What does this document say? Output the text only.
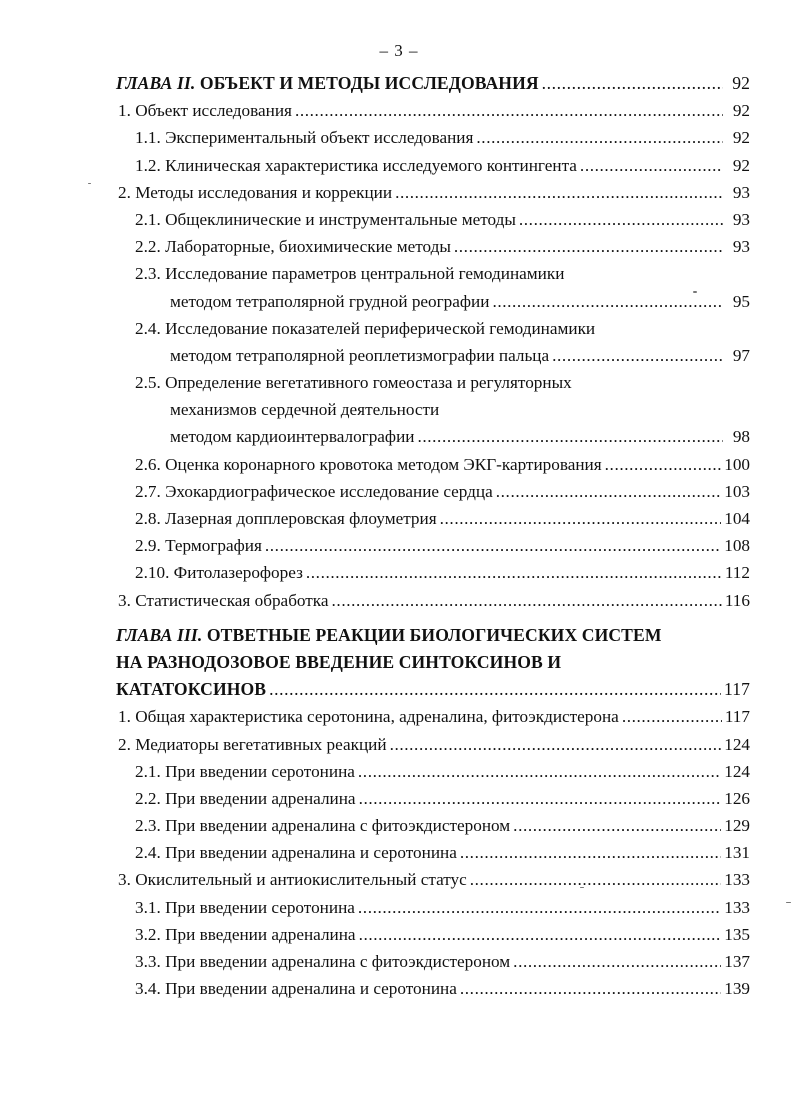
– 3 –
ГЛАВА II. ОБЪЕКТ И МЕТОДЫ ИССЛЕДОВАНИЯ .....	92
1. Объект исследования .....	92
1.1. Экспериментальный объект исследования .....	92
1.2. Клиническая характеристика исследуемого контингента .....	92
2. Методы исследования и коррекции .....	93
2.1. Общеклинические и инструментальные методы .....	93
2.2. Лабораторные, биохимические методы .....	93
2.3. Исследование параметров центральной гемодинамики
методом тетраполярной грудной реографии .....	95
2.4. Исследование показателей периферической гемодинамики
методом тетраполярной реоплетизмографии пальца .....	97
2.5. Определение вегетативного гомеостаза и регуляторных
механизмов сердечной деятельности
методом кардиоинтервалографии .....	98
2.6. Оценка коронарного кровотока методом ЭКГ-картирования .....	100
2.7. Эхокардиографическое исследование сердца .....	103
2.8. Лазерная допплеровская флоуметрия .....	104
2.9. Термография .....	108
2.10. Фитолазерофорез .....	112
3. Статистическая обработка .....	116
ГЛАВА III. ОТВЕТНЫЕ РЕАКЦИИ БИОЛОГИЧЕСКИХ СИСТЕМ
НА РАЗНОДОЗОВОЕ ВВЕДЕНИЕ СИНТОКСИНОВ И
КАТАТОКСИНОВ .....	117
1. Общая характеристика серотонина, адреналина, фитоэкдистерона .....	117
2. Медиаторы вегетативных реакций .....	124
2.1. При введении серотонина .....	124
2.2. При введении адреналина .....	126
2.3. При введении адреналина с фитоэкдистероном .....	129
2.4. При введении адреналина и серотонина .....	131
3. Окислительный и антиокислительный статус .....	133
3.1. При введении серотонина .....	133
3.2. При введении адреналина .....	135
3.3. При введении адреналина с фитоэкдистероном .....	137
3.4. При введении адреналина и серотонина .....	139
